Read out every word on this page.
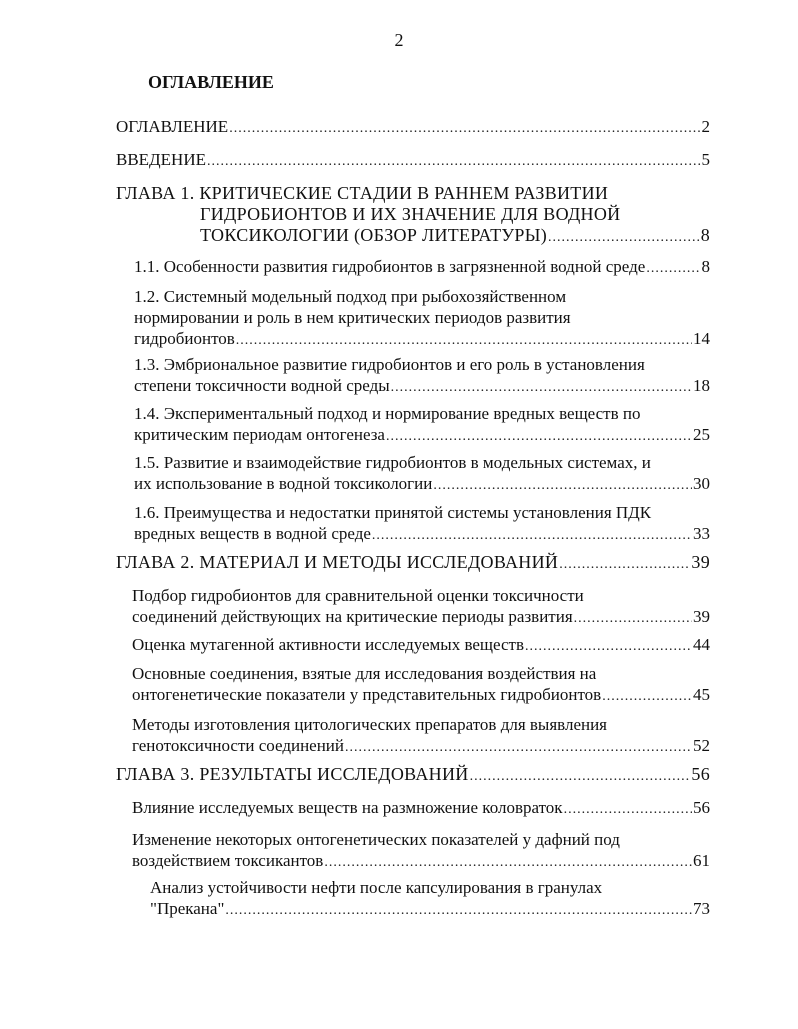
2
ОГЛАВЛЕНИЕ
ОГЛАВЛЕНИЕ .....	2
ВВЕДЕНИЕ .....	5
ГЛАВА 1. КРИТИЧЕСКИЕ СТАДИИ В РАННЕМ РАЗВИТИИ
ГИДРОБИОНТОВ И ИХ ЗНАЧЕНИЕ ДЛЯ ВОДНОЙ
ТОКСИКОЛОГИИ (ОБЗОР ЛИТЕРАТУРЫ) .....	8
1.1. Особенности развития гидробионтов в загрязненной водной среде .....	8
1.2. Системный модельный подход при рыбохозяйственном
нормировании и роль в нем критических периодов развития
гидробионтов .....	14
1.3. Эмбриональное развитие гидробионтов и его роль в установления
степени токсичности водной среды .....	18
1.4. Экспериментальный подход и нормирование вредных веществ по
критическим периодам онтогенеза .....	25
1.5. Развитие и взаимодействие гидробионтов в модельных системах, и
их использование в водной токсикологии .....	30
1.6. Преимущества и недостатки принятой системы установления ПДК
вредных веществ в водной среде .....	33
ГЛАВА 2. МАТЕРИАЛ И МЕТОДЫ ИССЛЕДОВАНИЙ .....	39
Подбор гидробионтов для сравнительной оценки токсичности
соединений действующих на критические периоды развития .....	39
Оценка мутагенной активности исследуемых веществ .....	44
Основные соединения, взятые для исследования воздействия на
онтогенетические показатели у представительных гидробионтов .....	45
Методы изготовления цитологических препаратов для выявления
генотоксичности соединений .....	52
ГЛАВА 3. РЕЗУЛЬТАТЫ ИССЛЕДОВАНИЙ .....	56
Влияние исследуемых веществ на размножение коловраток .....	56
Изменение некоторых онтогенетических показателей у дафний под
воздействием токсикантов .....	61
Анализ устойчивости нефти после капсулирования в гранулах
"Прекана" .....	73
